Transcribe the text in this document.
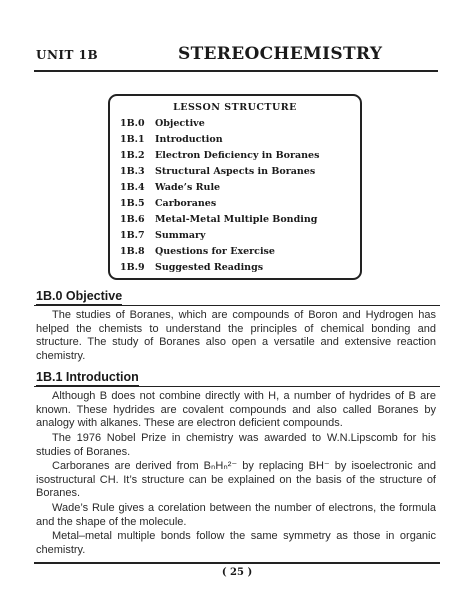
UNIT 1B	STEREOCHEMISTRY
LESSON STRUCTURE
1B.0 Objective
1B.1 Introduction
1B.2 Electron Deficiency in Boranes
1B.3 Structural Aspects in Boranes
1B.4 Wade’s Rule
1B.5 Carboranes
1B.6 Metal-Metal Multiple Bonding
1B.7 Summary
1B.8 Questions for Exercise
1B.9 Suggested Readings
1B.0 Objective

The studies of Boranes, which are compounds of Boron and Hydrogen has helped the chemists to understand the principles of chemical bonding and structure. The study of Boranes also open a versatile and extensive reaction chemistry.

1B.1 Introduction

Although B does not combine directly with H, a number of hydrides of B are known. These hydrides are covalent compounds and also called Boranes by analogy with alkanes. These are electron deficient compounds.

The 1976 Nobel Prize in chemistry was awarded to W.N.Lipscomb for his studies of Boranes.

Carboranes are derived from BₙHₙ²⁻ by replacing BH⁻ by isoelectronic and isostructural CH. It’s structure can be explained on the basis of the structure of Boranes.

Wade’s Rule gives a corelation between the number of electrons, the formula and the shape of the molecule.

Metal–metal multiple bonds follow the same symmetry as those in organic chemistry.

( 25 )
